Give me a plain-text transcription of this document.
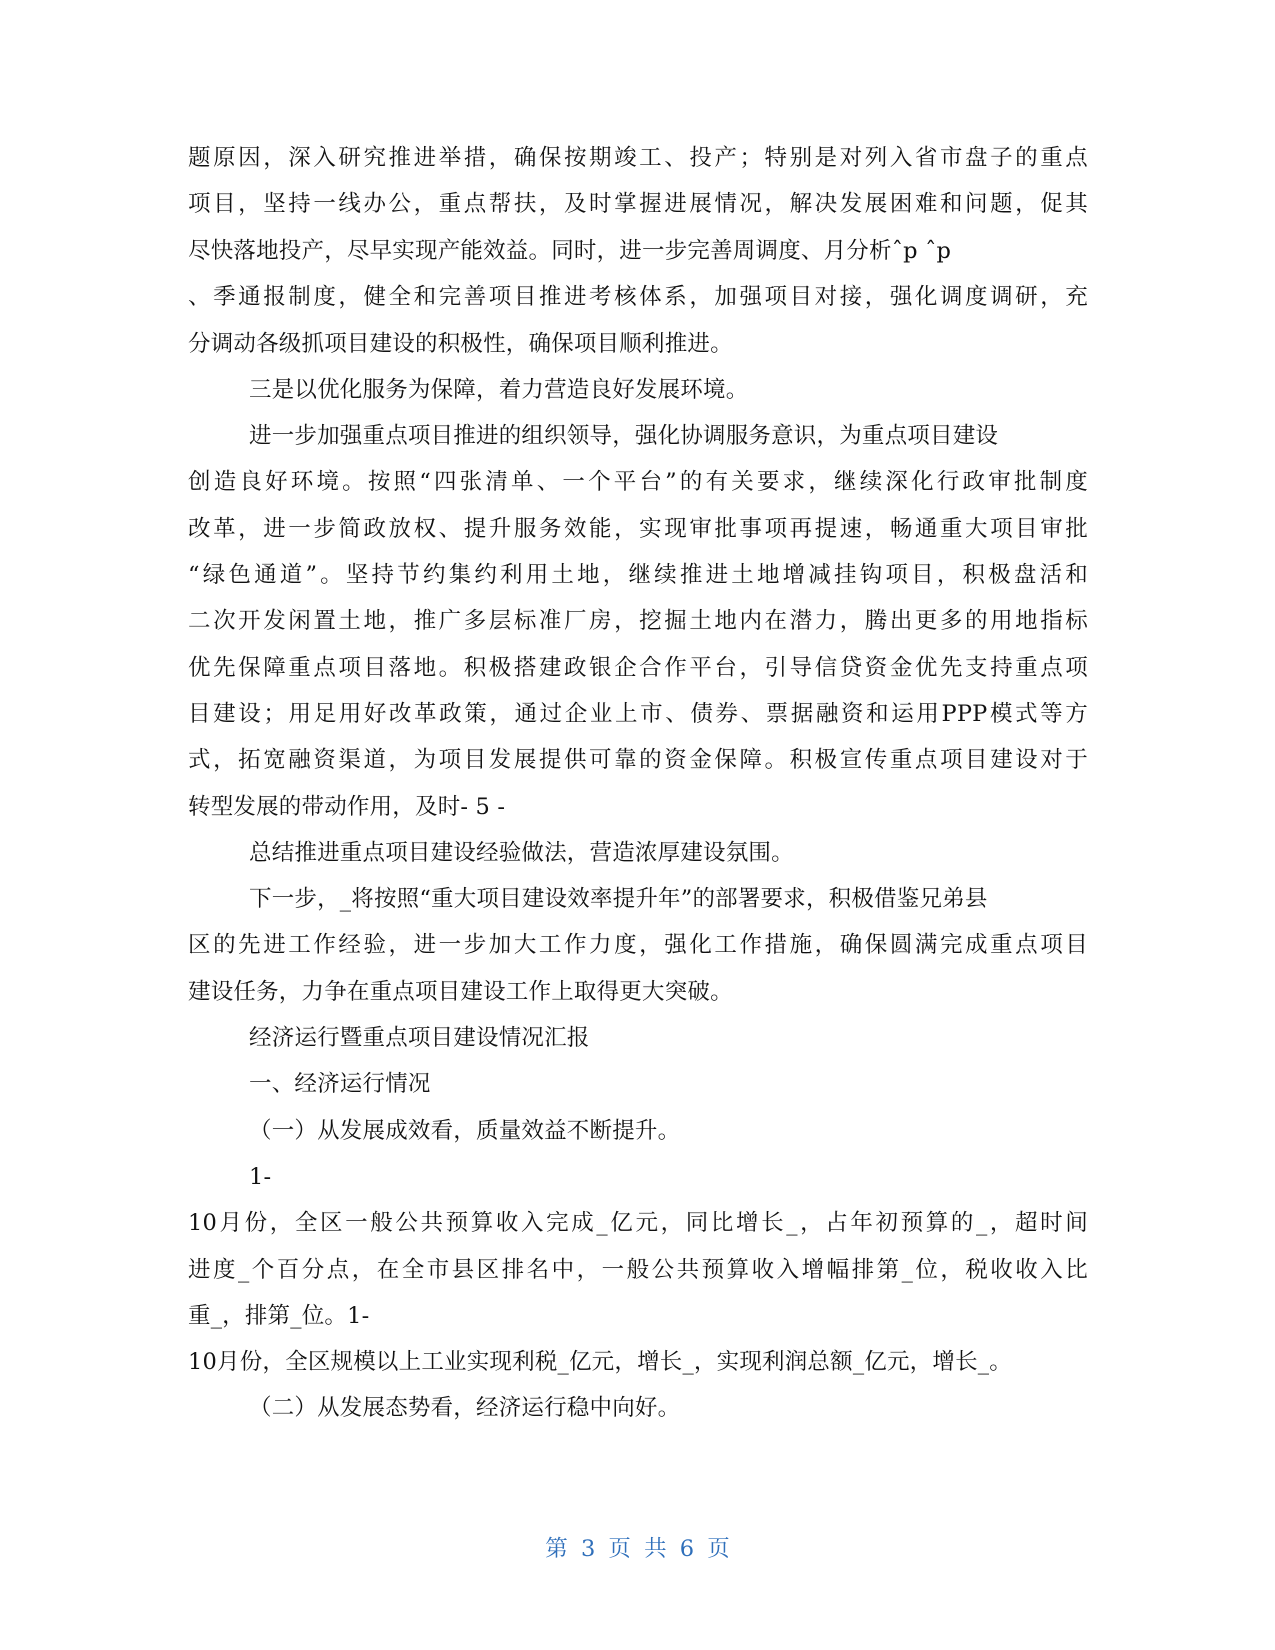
题原因，深入研究推进举措，确保按期竣工、投产；特别是对列入省市盘子的重点
项目，坚持一线办公，重点帮扶，及时掌握进展情况，解决发展困难和问题，促其
尽快落地投产，尽早实现产能效益。同时，进一步完善周调度、月分析ˆp ˆp
、季通报制度，健全和完善项目推进考核体系，加强项目对接，强化调度调研，充
分调动各级抓项目建设的积极性，确保项目顺利推进。
三是以优化服务为保障，着力营造良好发展环境。
进一步加强重点项目推进的组织领导，强化协调服务意识，为重点项目建设
创造良好环境。按照“四张清单、一个平台”的有关要求，继续深化行政审批制度
改革，进一步简政放权、提升服务效能，实现审批事项再提速，畅通重大项目审批
“绿色通道”。坚持节约集约利用土地，继续推进土地增减挂钩项目，积极盘活和
二次开发闲置土地，推广多层标准厂房，挖掘土地内在潜力，腾出更多的用地指标
优先保障重点项目落地。积极搭建政银企合作平台，引导信贷资金优先支持重点项
目建设；用足用好改革政策，通过企业上市、债券、票据融资和运用PPP模式等方
式，拓宽融资渠道，为项目发展提供可靠的资金保障。积极宣传重点项目建设对于
转型发展的带动作用，及时- 5 -
总结推进重点项目建设经验做法，营造浓厚建设氛围。
下一步，_将按照“重大项目建设效率提升年”的部署要求，积极借鉴兄弟县
区的先进工作经验，进一步加大工作力度，强化工作措施，确保圆满完成重点项目
建设任务，力争在重点项目建设工作上取得更大突破。
经济运行暨重点项目建设情况汇报
一、经济运行情况
（一）从发展成效看，质量效益不断提升。
1-
10月份，全区一般公共预算收入完成_亿元，同比增长_，占年初预算的_，超时间
进度_个百分点，在全市县区排名中，一般公共预算收入增幅排第_位，税收收入比
重_，排第_位。1-
10月份，全区规模以上工业实现利税_亿元，增长_，实现利润总额_亿元，增长_。
（二）从发展态势看，经济运行稳中向好。
第 3 页 共 6 页
